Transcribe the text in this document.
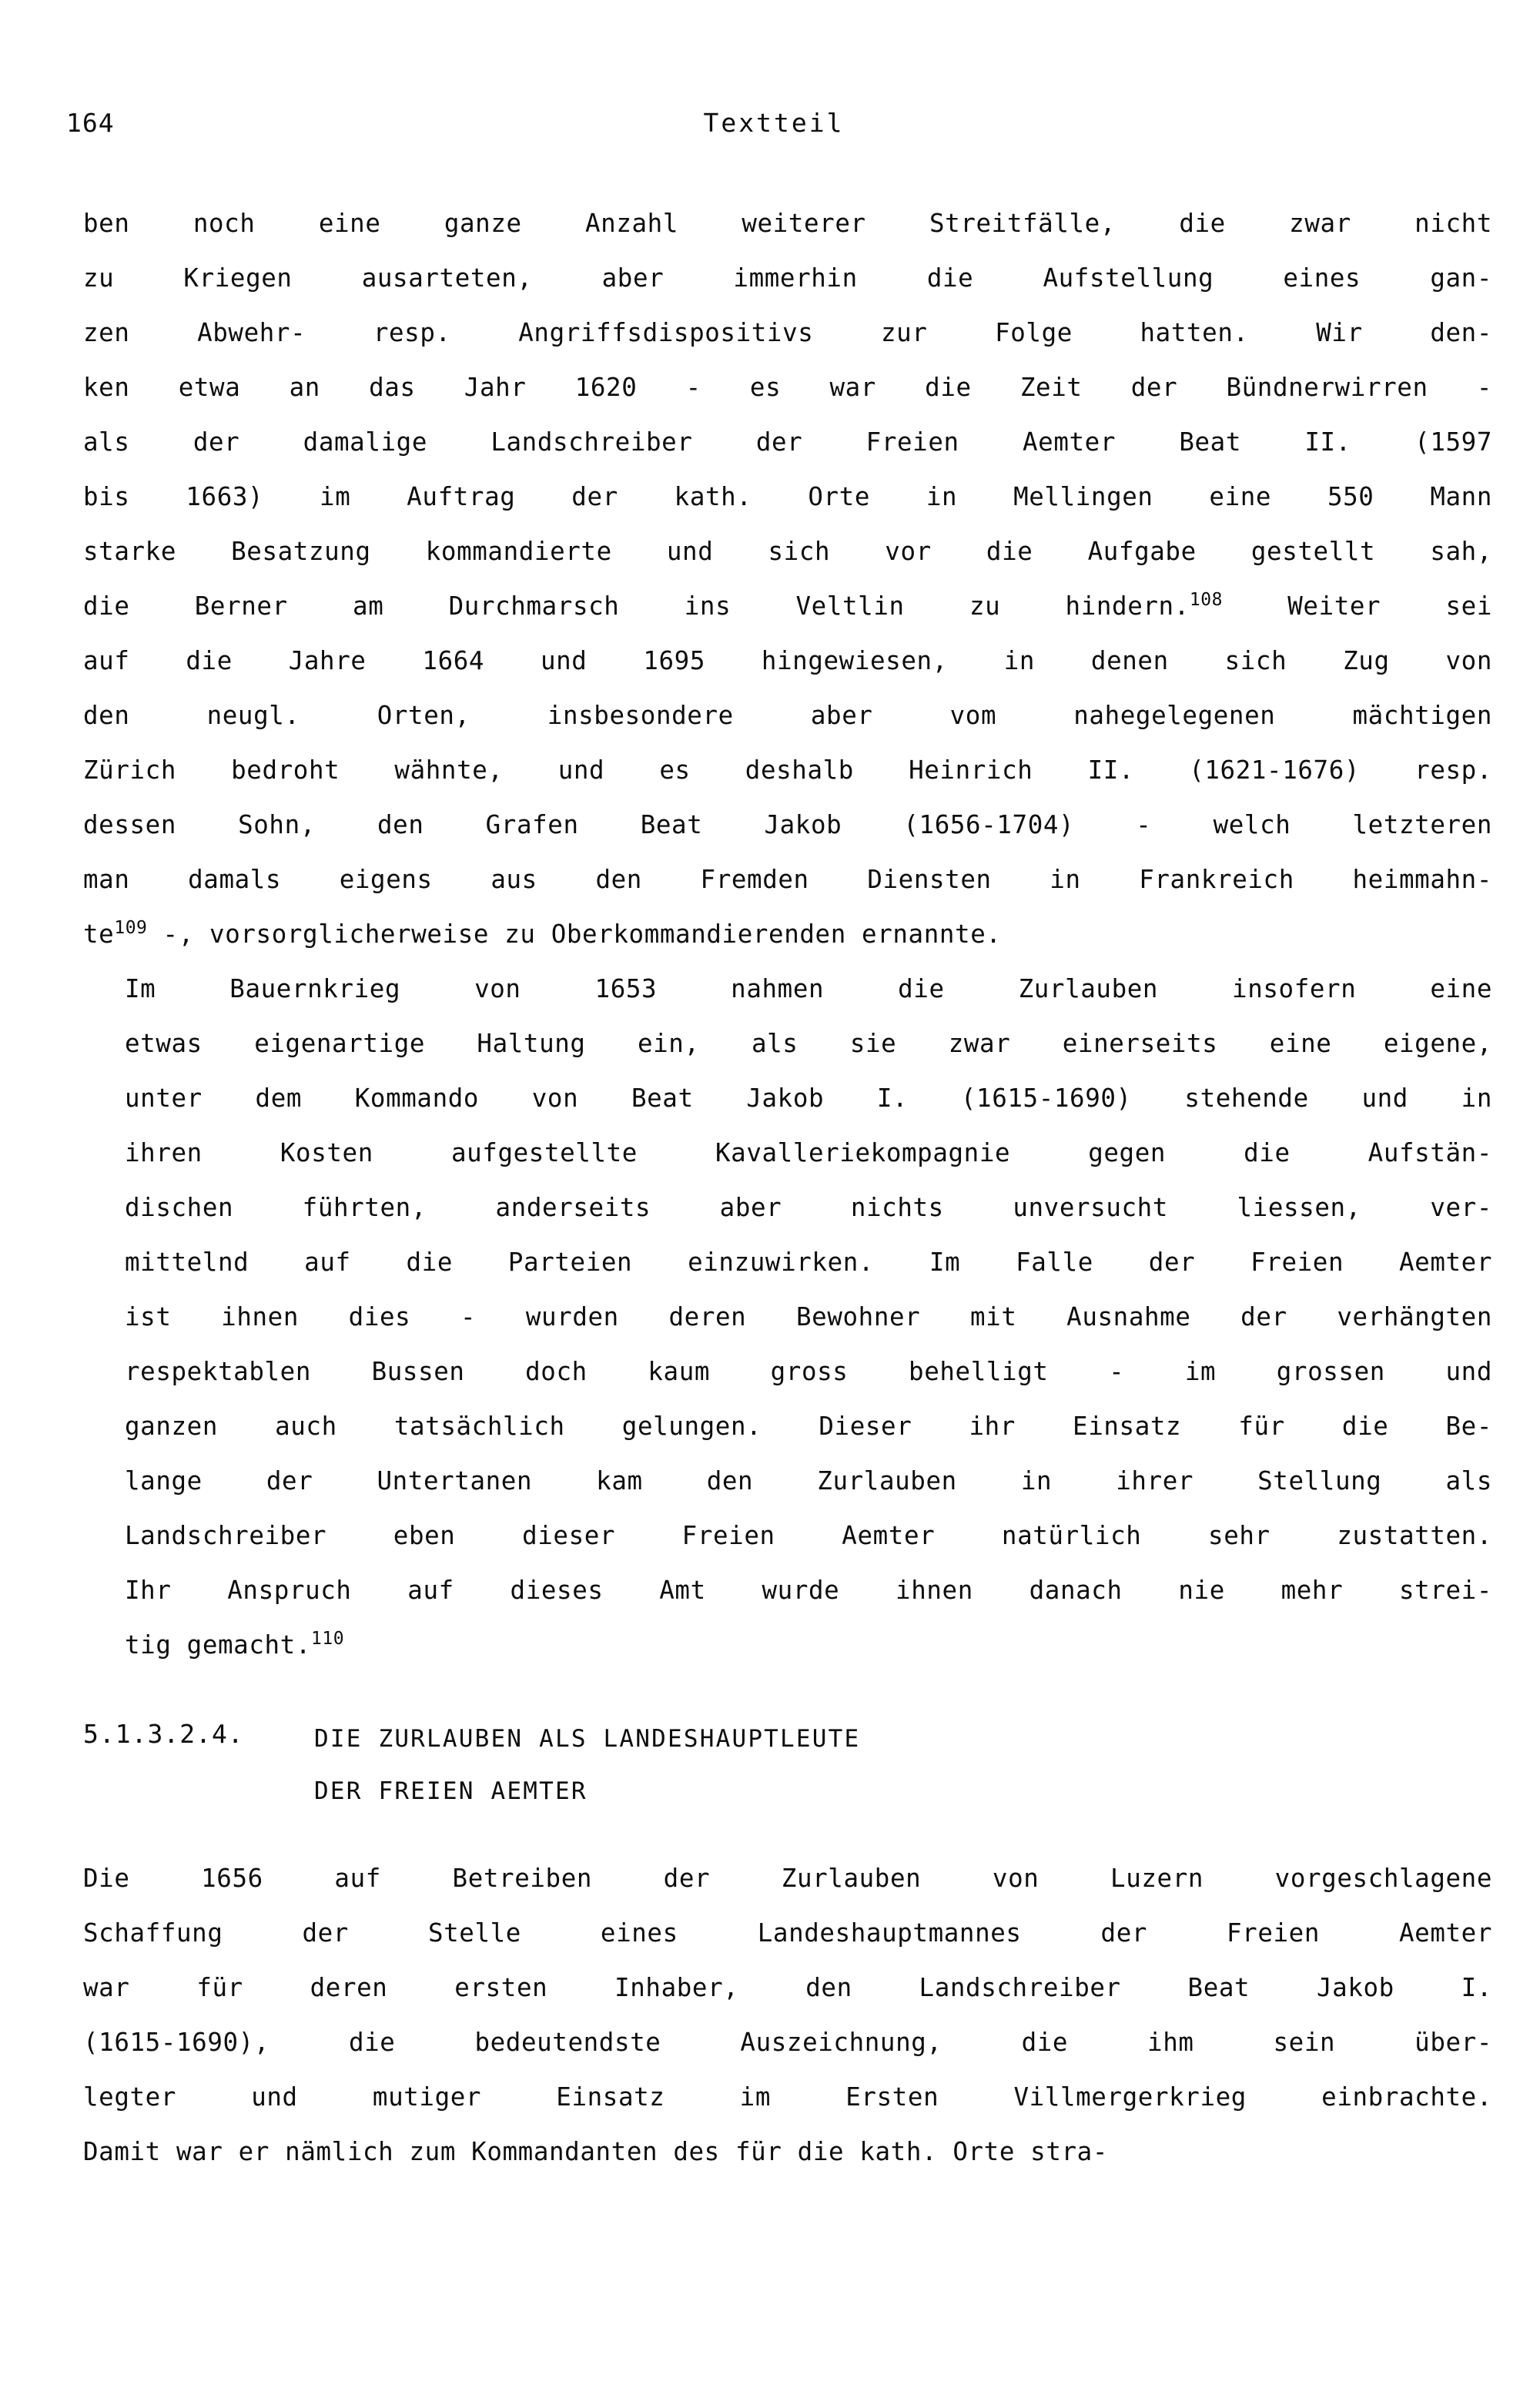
164	Textteil

ben noch eine ganze Anzahl weiterer Streitfälle, die zwar nicht
zu Kriegen ausarteten, aber immerhin die Aufstellung eines gan-
zen Abwehr- resp. Angriffsdispositivs zur Folge hatten. Wir den-
ken etwa an das Jahr 1620 - es war die Zeit der Bündnerwirren -
als der damalige Landschreiber der Freien Aemter Beat II. (1597
bis 1663) im Auftrag der kath. Orte in Mellingen eine 550 Mann
starke Besatzung kommandierte und sich vor die Aufgabe gestellt sah,
die Berner am Durchmarsch ins Veltlin zu hindern.$^{108}$ Weiter sei
auf die Jahre 1664 und 1695 hingewiesen, in denen sich Zug von
den neugl. Orten, insbesondere aber vom nahegelegenen mächtigen
Zürich bedroht wähnte, und es deshalb Heinrich II. (1621-1676) resp.
dessen Sohn, den Grafen Beat Jakob (1656-1704) - welch letzteren
man damals eigens aus den Fremden Diensten in Frankreich heimmahn-
te$^{109}$ -, vorsorglicherweise zu Oberkommandierenden ernannte.

Im Bauernkrieg von 1653 nahmen die Zurlauben insofern eine
etwas eigenartige Haltung ein, als sie zwar einerseits eine eigene,
unter dem Kommando von Beat Jakob I. (1615-1690) stehende und in
ihren Kosten aufgestellte Kavalleriekompagnie gegen die Aufstän-
dischen führten, anderseits aber nichts unversucht liessen, ver-
mittelnd auf die Parteien einzuwirken. Im Falle der Freien Aemter
ist ihnen dies - wurden deren Bewohner mit Ausnahme der verhängten
respektablen Bussen doch kaum gross behelligt - im grossen und
ganzen auch tatsächlich gelungen. Dieser ihr Einsatz für die Be-
lange der Untertanen kam den Zurlauben in ihrer Stellung als
Landschreiber eben dieser Freien Aemter natürlich sehr zustatten.
Ihr Anspruch auf dieses Amt wurde ihnen danach nie mehr strei-
tig gemacht.$^{110}$

5.1.3.2.4.	DIE ZURLAUBEN ALS LANDESHAUPTLEUTE
DER FREIEN AEMTER

Die 1656 auf Betreiben der Zurlauben von Luzern vorgeschlagene
Schaffung der Stelle eines Landeshauptmannes der Freien Aemter
war für deren ersten Inhaber, den Landschreiber Beat Jakob I.
(1615-1690), die bedeutendste Auszeichnung, die ihm sein über-
legter und mutiger Einsatz im Ersten Villmergerkrieg einbrachte.
Damit war er nämlich zum Kommandanten des für die kath. Orte stra-
